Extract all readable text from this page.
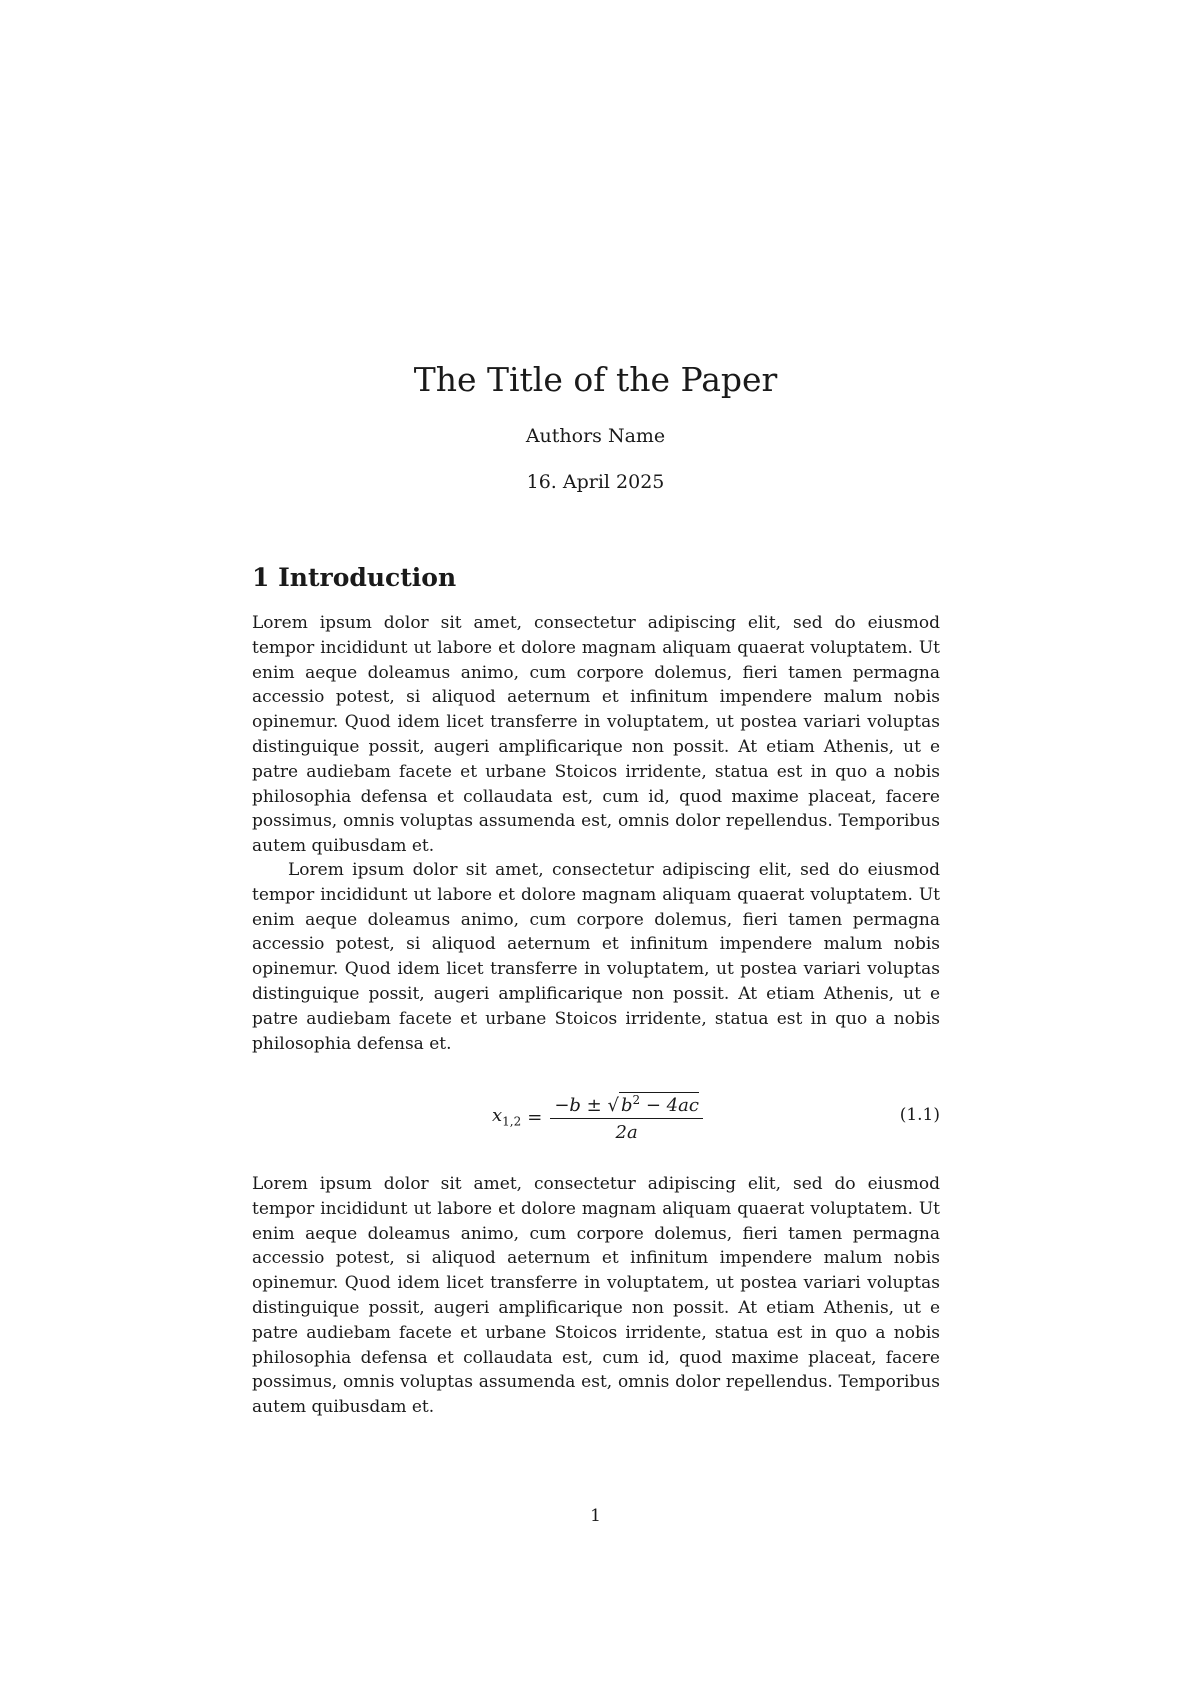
The Title of the Paper
Authors Name
16. April 2025
1 Introduction

Lorem ipsum dolor sit amet, consectetur adipiscing elit, sed do eiusmod tempor incididunt ut labore et dolore magnam aliquam quaerat voluptatem. Ut enim aeque doleamus animo, cum corpore dolemus, fieri tamen permagna accessio potest, si aliquod aeternum et infinitum impendere malum nobis opinemur. Quod idem licet transferre in voluptatem, ut postea variari voluptas distinguique possit, augeri amplificarique non possit. At etiam Athenis, ut e patre audiebam facete et urbane Stoicos irridente, statua est in quo a nobis philosophia defensa et collaudata est, cum id, quod maxime placeat, facere possimus, omnis voluptas assumenda est, omnis dolor repellendus. Temporibus autem quibusdam et.

Lorem ipsum dolor sit amet, consectetur adipiscing elit, sed do eiusmod tempor incididunt ut labore et dolore magnam aliquam quaerat voluptatem. Ut enim aeque doleamus animo, cum corpore dolemus, fieri tamen permagna accessio potest, si aliquod aeternum et infinitum impendere malum nobis opinemur. Quod idem licet transferre in voluptatem, ut postea variari voluptas distinguique possit, augeri amplificarique non possit. At etiam Athenis, ut e patre audiebam facete et urbane Stoicos irridente, statua est in quo a nobis philosophia defensa et.

$x_{1,2} = \frac{-b \pm √ b^2 - 4ac}{2a}$	(1.1)

Lorem ipsum dolor sit amet, consectetur adipiscing elit, sed do eiusmod tempor incididunt ut labore et dolore magnam aliquam quaerat voluptatem. Ut enim aeque doleamus animo, cum corpore dolemus, fieri tamen permagna accessio potest, si aliquod aeternum et infinitum impendere malum nobis opinemur. Quod idem licet transferre in voluptatem, ut postea variari voluptas distinguique possit, augeri amplificarique non possit. At etiam Athenis, ut e patre audiebam facete et urbane Stoicos irridente, statua est in quo a nobis philosophia defensa et collaudata est, cum id, quod maxime placeat, facere possimus, omnis voluptas assumenda est, omnis dolor repellendus. Temporibus autem quibusdam et.

1
